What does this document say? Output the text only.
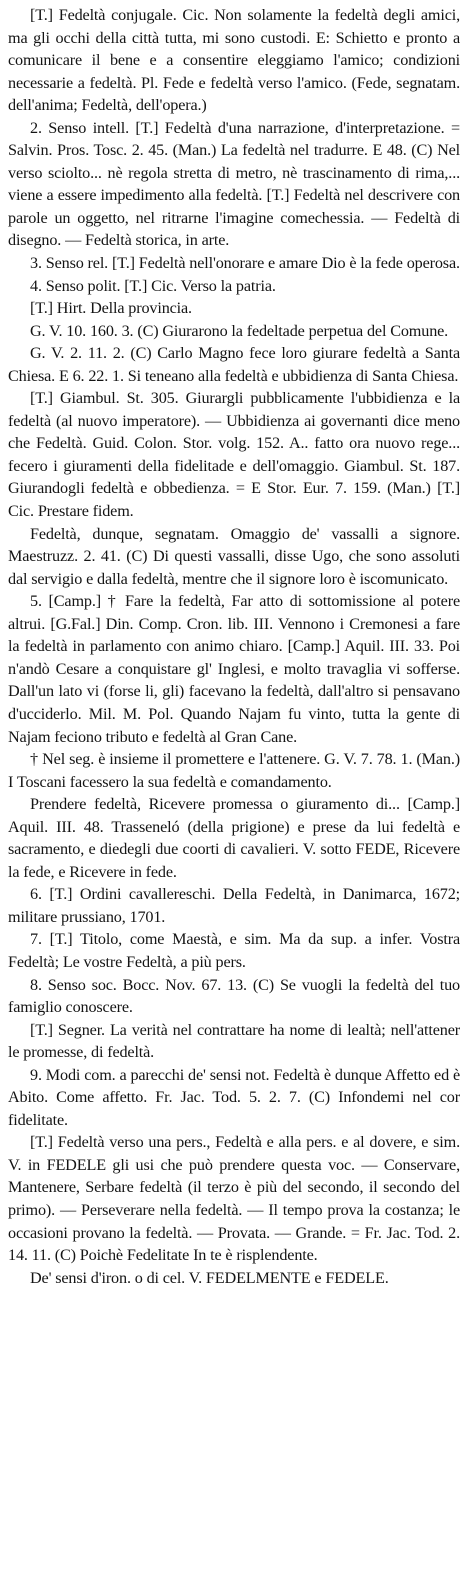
[T.] Fedeltà conjugale. Cic. Non solamente la fedeltà degli amici, ma gli occhi della città tutta, mi sono custodi. E: Schietto e pronto a comunicare il bene e a consentire eleggiamo l'amico; condizioni necessarie a fedeltà. Pl. Fede e fedeltà verso l'amico. (Fede, segnatam. dell'anima; Fedeltà, dell'opera.)

2. Senso intell. [T.] Fedeltà d'una narrazione, d'interpretazione. = Salvin. Pros. Tosc. 2. 45. (Man.) La fedeltà nel tradurre. E 48. (C) Nel verso sciolto... nè regola stretta di metro, nè trascinamento di rima,... viene a essere impedimento alla fedeltà. [T.] Fedeltà nel descrivere con parole un oggetto, nel ritrarne l'imagine comechessia. — Fedeltà di disegno. — Fedeltà storica, in arte.

3. Senso rel. [T.] Fedeltà nell'onorare e amare Dio è la fede operosa.

4. Senso polit. [T.] Cic. Verso la patria.

[T.] Hirt. Della provincia.

G. V. 10. 160. 3. (C) Giurarono la fedeltade perpetua del Comune.

G. V. 2. 11. 2. (C) Carlo Magno fece loro giurare fedeltà a Santa Chiesa. E 6. 22. 1. Si teneano alla fedeltà e ubbidienza di Santa Chiesa.

[T.] Giambul. St. 305. Giurargli pubblicamente l'ubbidienza e la fedeltà (al nuovo imperatore). — Ubbidienza ai governanti dice meno che Fedeltà. Guid. Colon. Stor. volg. 152. A.. fatto ora nuovo rege... fecero i giuramenti della fidelitade e dell'omaggio. Giambul. St. 187. Giurandogli fedeltà e obbedienza. = E Stor. Eur. 7. 159. (Man.) [T.] Cic. Prestare fidem.

Fedeltà, dunque, segnatam. Omaggio de' vassalli a signore. Maestruzz. 2. 41. (C) Di questi vassalli, disse Ugo, che sono assoluti dal servigio e dalla fedeltà, mentre che il signore loro è iscomunicato.

5. [Camp.] † Fare la fedeltà, Far atto di sottomissione al potere altrui. [G.Fal.] Din. Comp. Cron. lib. III. Vennono i Cremonesi a fare la fedeltà in parlamento con animo chiaro. [Camp.] Aquil. III. 33. Poi n'andò Cesare a conquistare gl' Inglesi, e molto travaglia vi sofferse. Dall'un lato vi (forse li, gli) facevano la fedeltà, dall'altro si pensavano d'ucciderlo. Mil. M. Pol. Quando Najam fu vinto, tutta la gente di Najam feciono tributo e fedeltà al Gran Cane.

† Nel seg. è insieme il promettere e l'attenere. G. V. 7. 78. 1. (Man.) I Toscani facessero la sua fedeltà e comandamento.

Prendere fedeltà, Ricevere promessa o giuramento di... [Camp.] Aquil. III. 48. Trasseneló (della prigione) e prese da lui fedeltà e sacramento, e diedegli due coorti di cavalieri. V. sotto FEDE, Ricevere la fede, e Ricevere in fede.

6. [T.] Ordini cavallereschi. Della Fedeltà, in Danimarca, 1672; militare prussiano, 1701.

7. [T.] Titolo, come Maestà, e sim. Ma da sup. a infer. Vostra Fedeltà; Le vostre Fedeltà, a più pers.

8. Senso soc. Bocc. Nov. 67. 13. (C) Se vuogli la fedeltà del tuo famiglio conoscere.

[T.] Segner. La verità nel contrattare ha nome di lealtà; nell'attener le promesse, di fedeltà.

9. Modi com. a parecchi de' sensi not. Fedeltà è dunque Affetto ed è Abito. Come affetto. Fr. Jac. Tod. 5. 2. 7. (C) Infondemi nel cor fidelitate.

[T.] Fedeltà verso una pers., Fedeltà e alla pers. e al dovere, e sim. V. in FEDELE gli usi che può prendere questa voc. — Conservare, Mantenere, Serbare fedeltà (il terzo è più del secondo, il secondo del primo). — Perseverare nella fedeltà. — Il tempo prova la costanza; le occasioni provano la fedeltà. — Provata. — Grande. = Fr. Jac. Tod. 2. 14. 11. (C) Poichè Fedelitate In te è risplendente.

De' sensi d'iron. o di cel. V. FEDELMENTE e FEDELE.
